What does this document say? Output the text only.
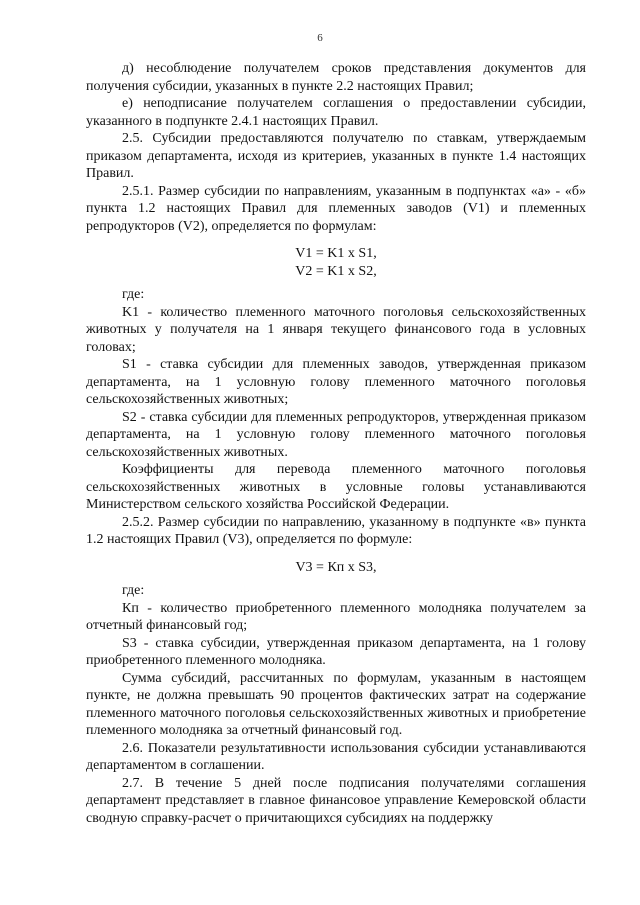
6

д) несоблюдение получателем сроков представления документов для получения субсидии, указанных в пункте 2.2 настоящих Правил;

е) неподписание получателем соглашения о предоставлении субсидии, указанного в подпункте 2.4.1 настоящих Правил.

2.5. Субсидии предоставляются получателю по ставкам, утверждаемым приказом департамента, исходя из критериев, указанных в пункте 1.4 настоящих Правил.

2.5.1. Размер субсидии по направлениям, указанным в подпунктах «а» - «б» пункта 1.2 настоящих Правил для племенных заводов (V1) и племенных репродукторов (V2), определяется по формулам:

V1 = K1 x S1,
V2 = K1 x S2,

где:

K1 - количество племенного маточного поголовья сельскохозяйственных животных у получателя на 1 января текущего финансового года в условных головах;

S1 - ставка субсидии для племенных заводов, утвержденная приказом департамента, на 1 условную голову племенного маточного поголовья сельскохозяйственных животных;

S2 - ставка субсидии для племенных репродукторов, утвержденная приказом департамента, на 1 условную голову племенного маточного поголовья сельскохозяйственных животных.

Коэффициенты для перевода племенного маточного поголовья сельскохозяйственных животных в условные головы устанавливаются Министерством сельского хозяйства Российской Федерации.

2.5.2. Размер субсидии по направлению, указанному в подпункте «в» пункта 1.2 настоящих Правил (V3), определяется по формуле:

V3 = Кп x S3,

где:

Кп - количество приобретенного племенного молодняка получателем за отчетный финансовый год;

S3 - ставка субсидии, утвержденная приказом департамента, на 1 голову приобретенного племенного молодняка.

Сумма субсидий, рассчитанных по формулам, указанным в настоящем пункте, не должна превышать 90 процентов фактических затрат на содержание племенного маточного поголовья сельскохозяйственных животных и приобретение племенного молодняка за отчетный финансовый год.

2.6. Показатели результативности использования субсидии устанавливаются департаментом в соглашении.

2.7. В течение 5 дней после подписания получателями соглашения департамент представляет в главное финансовое управление Кемеровской области сводную справку-расчет о причитающихся субсидиях на поддержку
